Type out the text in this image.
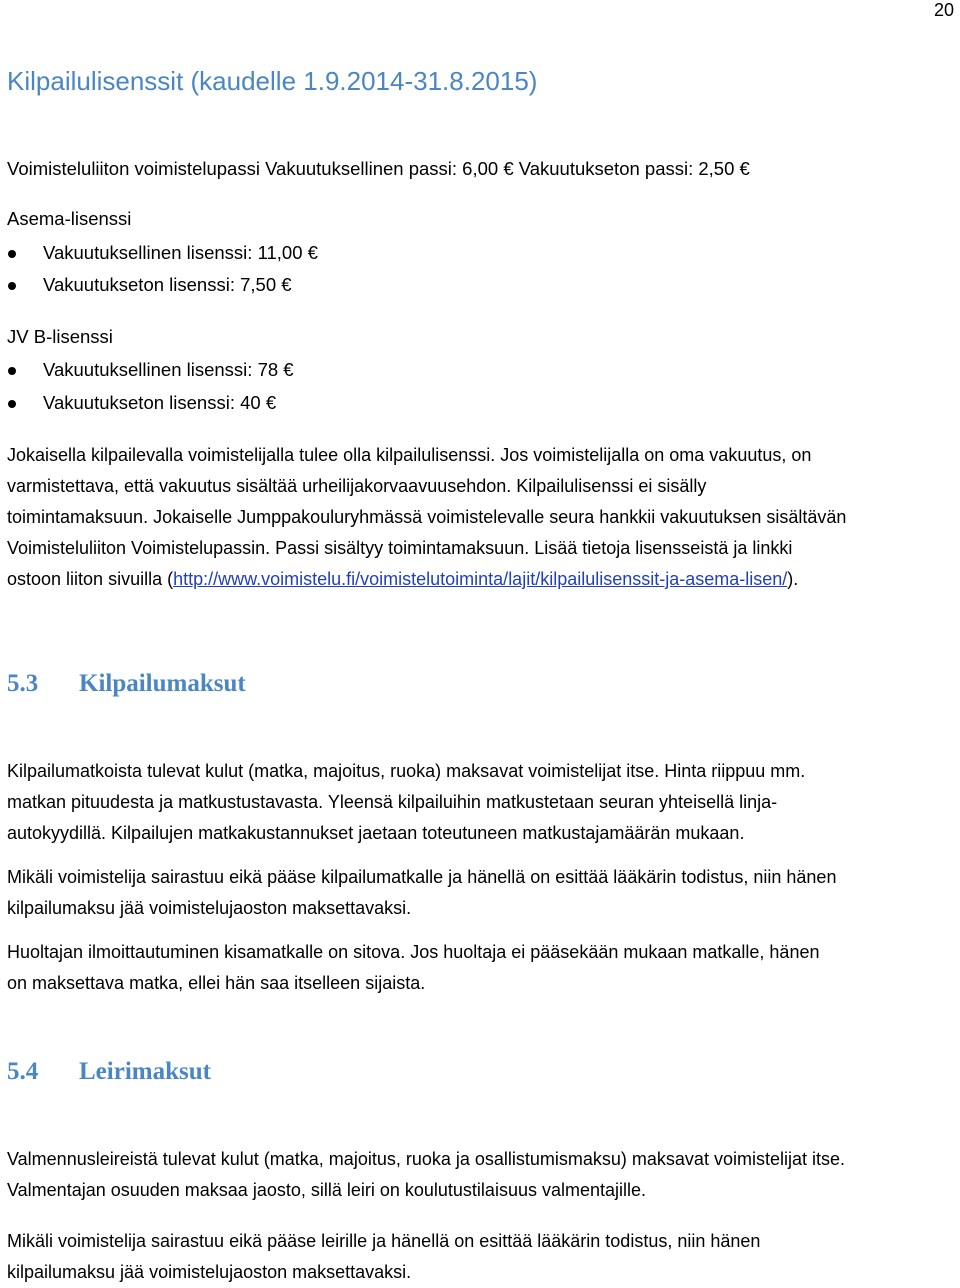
20
Kilpailulisenssit (kaudelle 1.9.2014-31.8.2015)
Voimisteluliiton voimistelupassi Vakuutuksellinen passi: 6,00 € Vakuutukseton passi: 2,50 €
Asema-lisenssi
Vakuutuksellinen lisenssi: 11,00 €
Vakuutukseton lisenssi: 7,50 €
JV B-lisenssi
Vakuutuksellinen lisenssi: 78 €
Vakuutukseton lisenssi: 40 €
Jokaisella kilpailevalla voimistelijalla tulee olla kilpailulisenssi. Jos voimistelijalla on oma vakuutus, on
varmistettava, että vakuutus sisältää urheilijakorvaavuusehdon. Kilpailulisenssi ei sisälly
toimintamaksuun. Jokaiselle Jumppakouluryhmässä voimistelevalle seura hankkii vakuutuksen sisältävän
Voimisteluliiton Voimistelupassin. Passi sisältyy toimintamaksuun. Lisää tietoja lisensseistä ja linkki
ostoon liiton sivuilla (http://www.voimistelu.fi/voimistelutoiminta/lajit/kilpailulisenssit-ja-asema-lisen/).
5.3 Kilpailumaksut
Kilpailumatkoista tulevat kulut (matka, majoitus, ruoka) maksavat voimistelijat itse. Hinta riippuu mm.
matkan pituudesta ja matkustustavasta. Yleensä kilpailuihin matkustetaan seuran yhteisellä linja-
autokyydillä. Kilpailujen matkakustannukset jaetaan toteutuneen matkustajamäärän mukaan.
Mikäli voimistelija sairastuu eikä pääse kilpailumatkalle ja hänellä on esittää lääkärin todistus, niin hänen
kilpailumaksu jää voimistelujaoston maksettavaksi.
Huoltajan ilmoittautuminen kisamatkalle on sitova. Jos huoltaja ei pääsekään mukaan matkalle, hänen
on maksettava matka, ellei hän saa itselleen sijaista.
5.4 Leirimaksut
Valmennusleireistä tulevat kulut (matka, majoitus, ruoka ja osallistumismaksu) maksavat voimistelijat itse.
Valmentajan osuuden maksaa jaosto, sillä leiri on koulutustilaisuus valmentajille.
Mikäli voimistelija sairastuu eikä pääse leirille ja hänellä on esittää lääkärin todistus, niin hänen
kilpailumaksu jää voimistelujaoston maksettavaksi.
